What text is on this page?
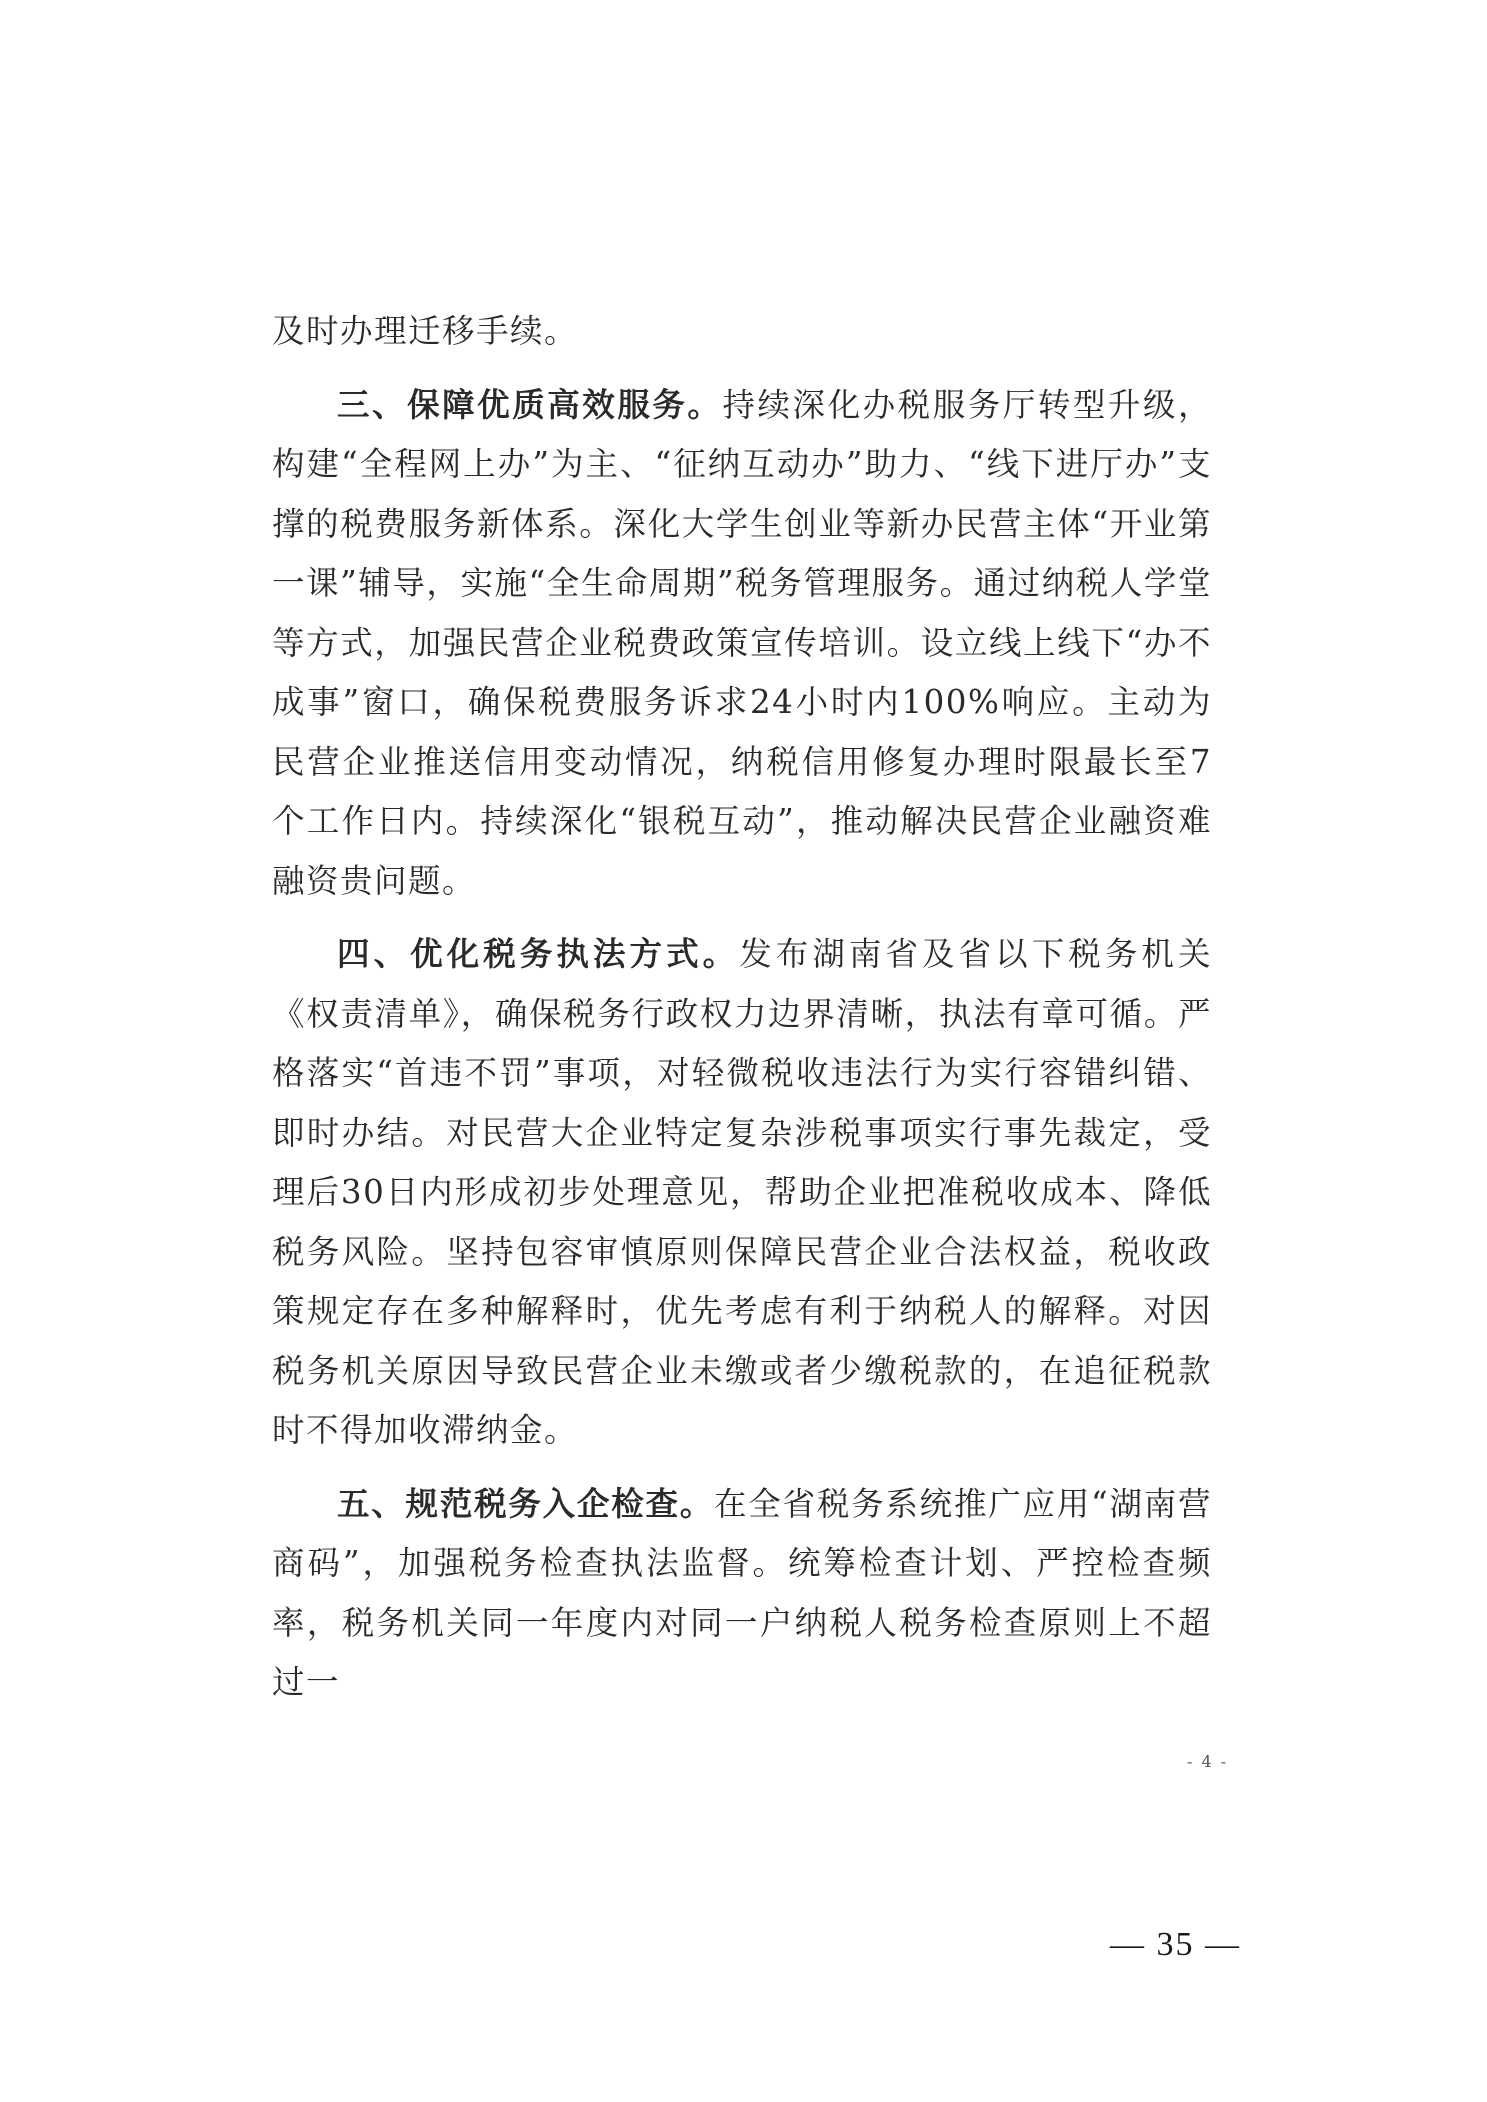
及时办理迁移手续。

三、保障优质高效服务。持续深化办税服务厅转型升级，构建“全程网上办”为主、“征纳互动办”助力、“线下进厅办”支撑的税费服务新体系。深化大学生创业等新办民营主体“开业第一课”辅导，实施“全生命周期”税务管理服务。通过纳税人学堂等方式，加强民营企业税费政策宣传培训。设立线上线下“办不成事”窗口，确保税费服务诉求24小时内100%响应。主动为民营企业推送信用变动情况，纳税信用修复办理时限最长至7个工作日内。持续深化“银税互动”，推动解决民营企业融资难融资贵问题。

四、优化税务执法方式。发布湖南省及省以下税务机关《权责清单》，确保税务行政权力边界清晰，执法有章可循。严格落实“首违不罚”事项，对轻微税收违法行为实行容错纠错、即时办结。对民营大企业特定复杂涉税事项实行事先裁定，受理后30日内形成初步处理意见，帮助企业把准税收成本、降低税务风险。坚持包容审慎原则保障民营企业合法权益，税收政策规定存在多种解释时，优先考虑有利于纳税人的解释。对因税务机关原因导致民营企业未缴或者少缴税款的，在追征税款时不得加收滞纳金。

五、规范税务入企检查。在全省税务系统推广应用“湖南营商码”，加强税务检查执法监督。统筹检查计划、严控检查频率，税务机关同一年度内对同一户纳税人税务检查原则上不超过一

- 4 -
— 35 —
